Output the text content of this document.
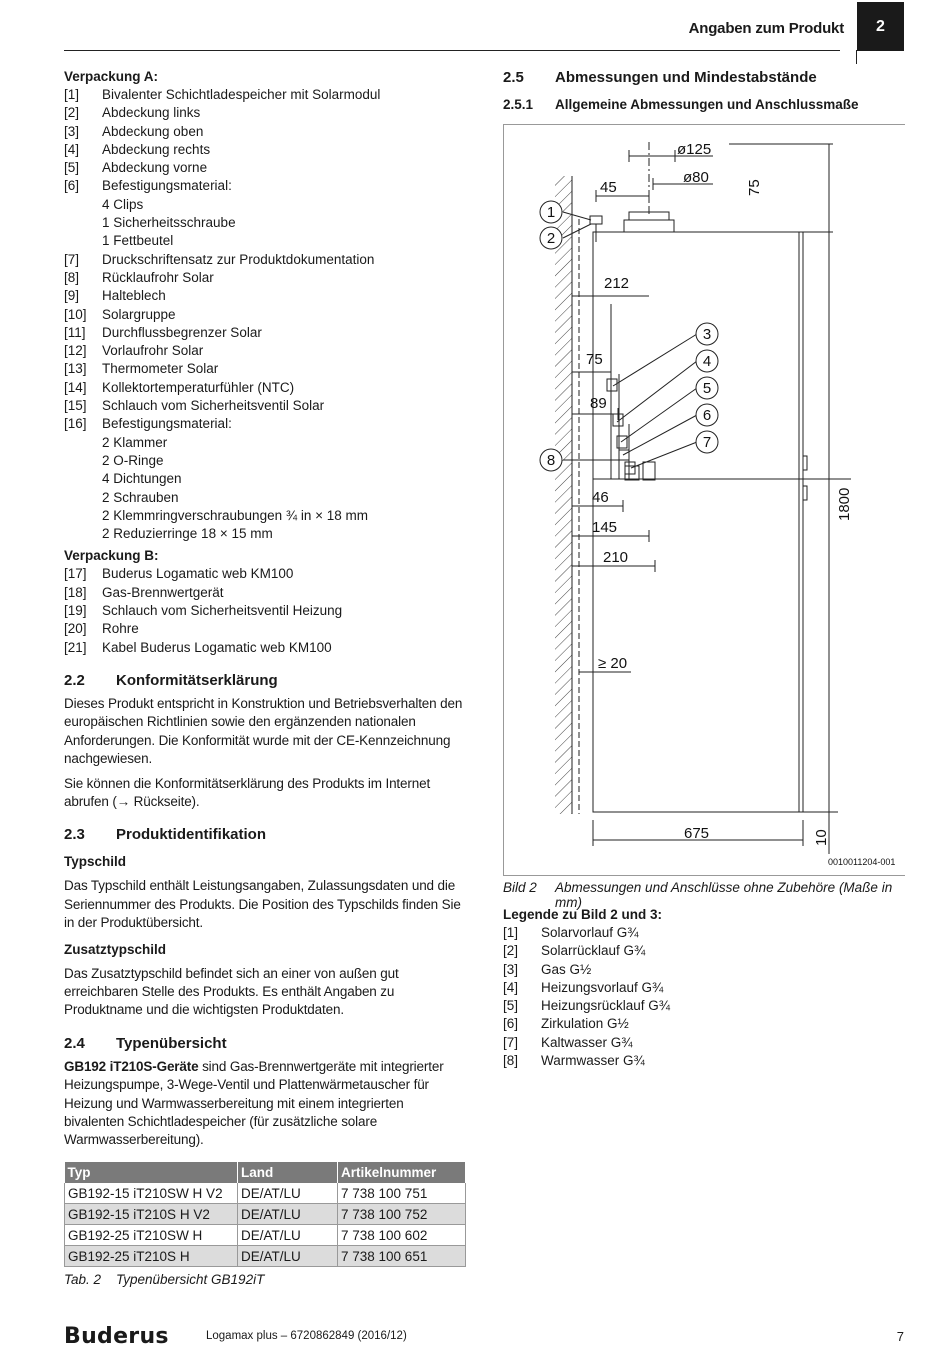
Angaben zum Produkt	2
Verpackung A:
[1]	Bivalenter Schichtladespeicher mit Solarmodul
[2]	Abdeckung links
[3]	Abdeckung oben
[4]	Abdeckung rechts
[5]	Abdeckung vorne
[6]	Befestigungsmaterial:
4 Clips
1 Sicherheitsschraube
1 Fettbeutel
[7]	Druckschriftensatz zur Produktdokumentation
[8]	Rücklaufrohr Solar
[9]	Halteblech
[10]	Solargruppe
[11]	Durchflussbegrenzer Solar
[12]	Vorlaufrohr Solar
[13]	Thermometer Solar
[14]	Kollektortemperaturfühler (NTC)
[15]	Schlauch vom Sicherheitsventil Solar
[16]	Befestigungsmaterial:
2 Klammer
2 O-Ringe
4 Dichtungen
2 Schrauben
2 Klemmringverschraubungen ¾ in × 18 mm
2 Reduzierringe 18 × 15 mm
Verpackung B:
[17]	Buderus Logamatic web KM100
[18]	Gas-Brennwertgerät
[19]	Schlauch vom Sicherheitsventil Heizung
[20]	Rohre
[21]	Kabel Buderus Logamatic web KM100
2.2	Konformitätserklärung

Dieses Produkt entspricht in Konstruktion und Betriebsverhalten den europäischen Richtlinien sowie den ergänzenden nationalen Anforderungen. Die Konformität wurde mit der CE-Kennzeichnung nachgewiesen.

Sie können die Konformitätserklärung des Produkts im Internet abrufen (→ Rückseite).

2.3	Produktidentifikation
Typschild

Das Typschild enthält Leistungsangaben, Zulassungsdaten und die Seriennummer des Produkts. Die Position des Typschilds finden Sie in der Produktübersicht.

Zusatztypschild

Das Zusatztypschild befindet sich an einer von außen gut erreichbaren Stelle des Produkts. Es enthält Angaben zu Produktname und die wichtigsten Produktdaten.

2.4	Typenübersicht

GB192 iT210S-Geräte sind Gas-Brennwertgeräte mit integrierter Heizungspumpe, 3-Wege-Ventil und Plattenwärmetauscher für Heizung und Warmwasserbereitung mit einem integrierten bivalenten Schichtladespeicher (für zusätzliche solare Warmwasserbereitung).

Typ	Land	Artikelnummer
GB192-15 iT210SW H V2	DE/AT/LU	7 738 100 751
GB192-15 iT210S H V2	DE/AT/LU	7 738 100 752
GB192-25 iT210SW H	DE/AT/LU	7 738 100 602
GB192-25 iT210S H	DE/AT/LU	7 738 100 651
Tab. 2	Typenübersicht GB192iT
2.5	Abmessungen und Mindestabstände
2.5.1	Allgemeine Abmessungen und Anschlussmaße
1
2
3
4
5
6
7
8
ø125
ø80
45	75
212
75
89
46
145
210
≥ 20
1800
675	10
0010011204-001
Bild 2	Abmessungen und Anschlüsse ohne Zubehöre (Maße in mm)
Legende zu Bild 2 und 3:
[1]	Solarvorlauf G¾
[2]	Solarrücklauf G¾
[3]	Gas G½
[4]	Heizungsvorlauf G¾
[5]	Heizungsrücklauf G¾
[6]	Zirkulation G½
[7]	Kaltwasser G¾
[8]	Warmwasser G¾
Buderus	Logamax plus – 6720862849 (2016/12)	7
